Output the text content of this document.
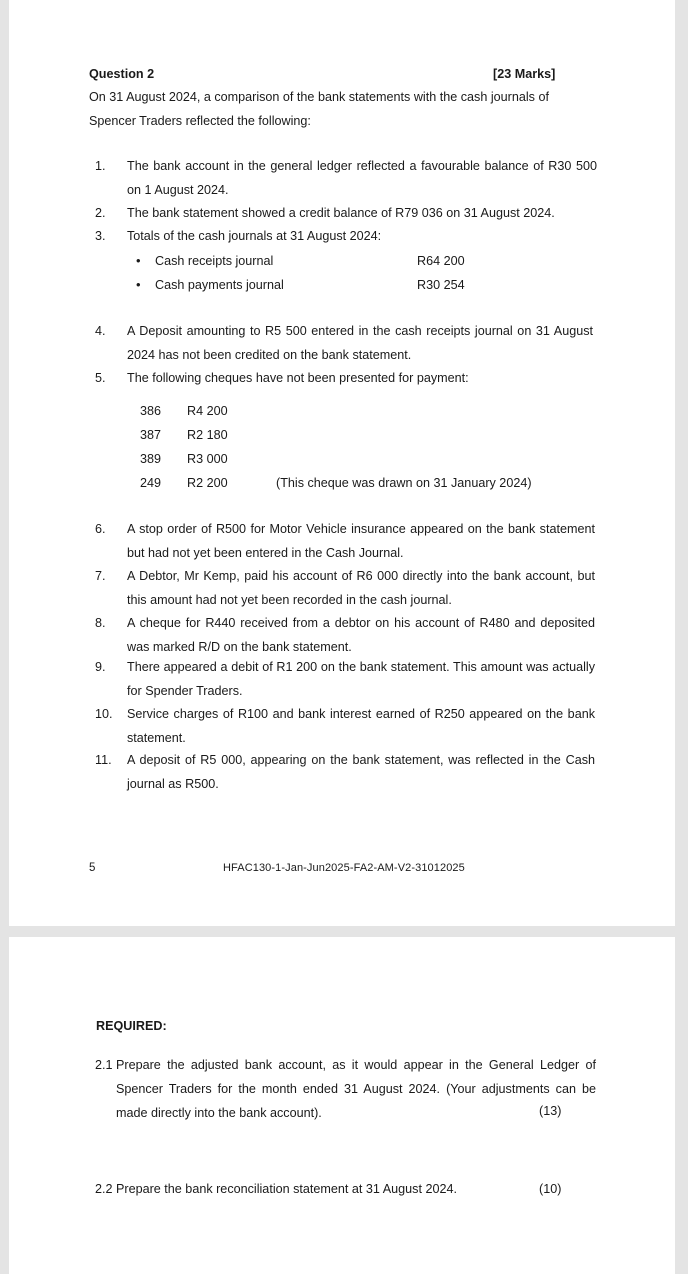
Question 2	[23 Marks]
On 31 August 2024, a comparison of the bank statements with the cash journals of Spencer Traders reflected the following:
1.	The bank account in the general ledger reflected a favourable balance of R30 500 on 1 August 2024.
2.	The bank statement showed a credit balance of R79 036 on 31 August 2024.
3.	Totals of the cash journals at 31 August 2024:
• Cash receipts journal	R64 200
• Cash payments journal	R30 254
4.	A Deposit amounting to R5 500 entered in the cash receipts journal on 31 August 2024 has not been credited on the bank statement.
5.	The following cheques have not been presented for payment:
386 R4 200
387 R2 180
389 R3 000
249 R2 200	(This cheque was drawn on 31 January 2024)
6.	A stop order of R500 for Motor Vehicle insurance appeared on the bank statement but had not yet been entered in the Cash Journal.
7.	A Debtor, Mr Kemp, paid his account of R6 000 directly into the bank account, but this amount had not yet been recorded in the cash journal.
8.	A cheque for R440 received from a debtor on his account of R480 and deposited was marked R/D on the bank statement.
9.	There appeared a debit of R1 200 on the bank statement. This amount was actually for Spender Traders.
10.	Service charges of R100 and bank interest earned of R250 appeared on the bank statement.
11.	A deposit of R5 000, appearing on the bank statement, was reflected in the Cash journal as R500.
5	HFAC130-1-Jan-Jun2025-FA2-AM-V2-31012025
REQUIRED:
2.1 Prepare the adjusted bank account, as it would appear in the General Ledger of Spencer Traders for the month ended 31 August 2024. (Your adjustments can be made directly into the bank account).	(13)
2.2 Prepare the bank reconciliation statement at 31 August 2024.	(10)
